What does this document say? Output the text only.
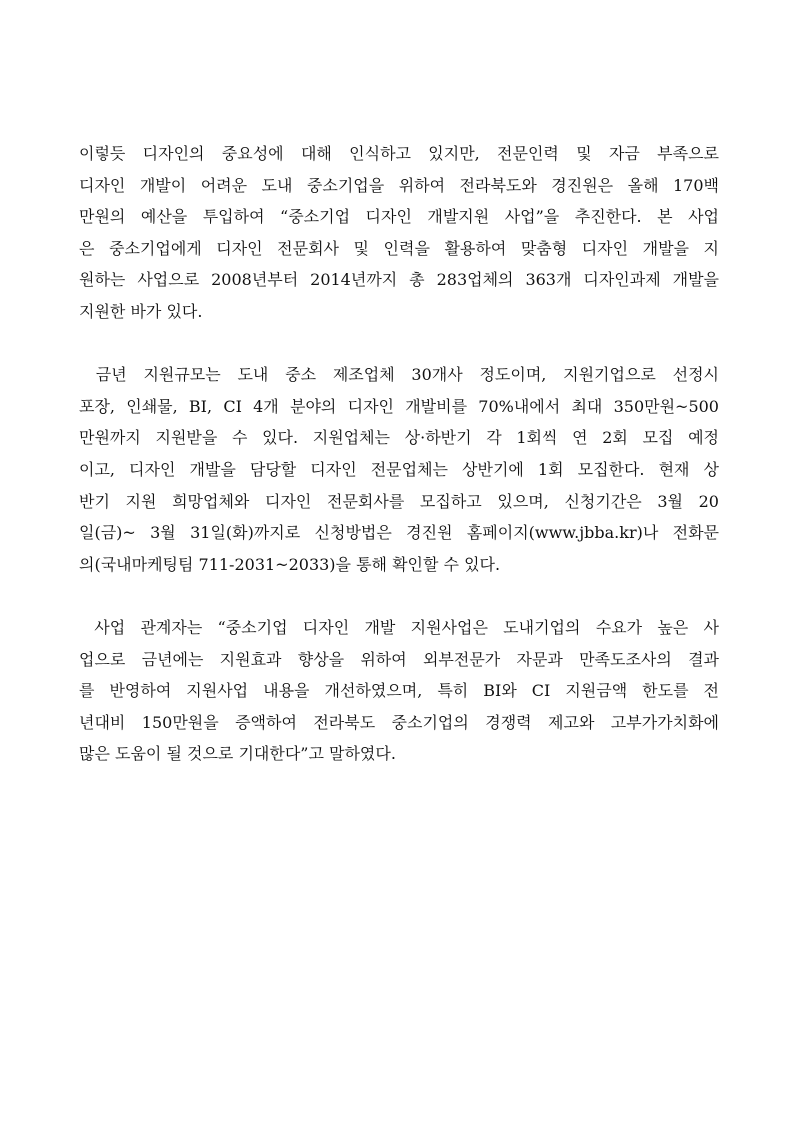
이렇듯 디자인의 중요성에 대해 인식하고 있지만, 전문인력 및 자금 부족으로
디자인 개발이 어려운 도내 중소기업을 위하여 전라북도와 경진원은 올해 170백
만원의 예산을 투입하여 “중소기업 디자인 개발지원 사업”을 추진한다. 본 사업
은 중소기업에게 디자인 전문회사 및 인력을 활용하여 맞춤형 디자인 개발을 지
원하는 사업으로 2008년부터 2014년까지 총 283업체의 363개 디자인과제 개발을
지원한 바가 있다.
금년 지원규모는 도내 중소 제조업체 30개사 정도이며, 지원기업으로 선정시
포장, 인쇄물, BI, CI 4개 분야의 디자인 개발비를 70%내에서 최대 350만원~500
만원까지 지원받을 수 있다. 지원업체는 상·하반기 각 1회씩 연 2회 모집 예정
이고, 디자인 개발을 담당할 디자인 전문업체는 상반기에 1회 모집한다. 현재 상
반기 지원 희망업체와 디자인 전문회사를 모집하고 있으며, 신청기간은 3월 20
일(금)~ 3월 31일(화)까지로 신청방법은 경진원 홈페이지(www.jbba.kr)나 전화문
의(국내마케팅팀 711-2031~2033)을 통해 확인할 수 있다.
사업 관계자는 “중소기업 디자인 개발 지원사업은 도내기업의 수요가 높은 사
업으로 금년에는 지원효과 향상을 위하여 외부전문가 자문과 만족도조사의 결과
를 반영하여 지원사업 내용을 개선하였으며, 특히 BI와 CI 지원금액 한도를 전
년대비 150만원을 증액하여 전라북도 중소기업의 경쟁력 제고와 고부가가치화에
많은 도움이 될 것으로 기대한다”고 말하였다.
